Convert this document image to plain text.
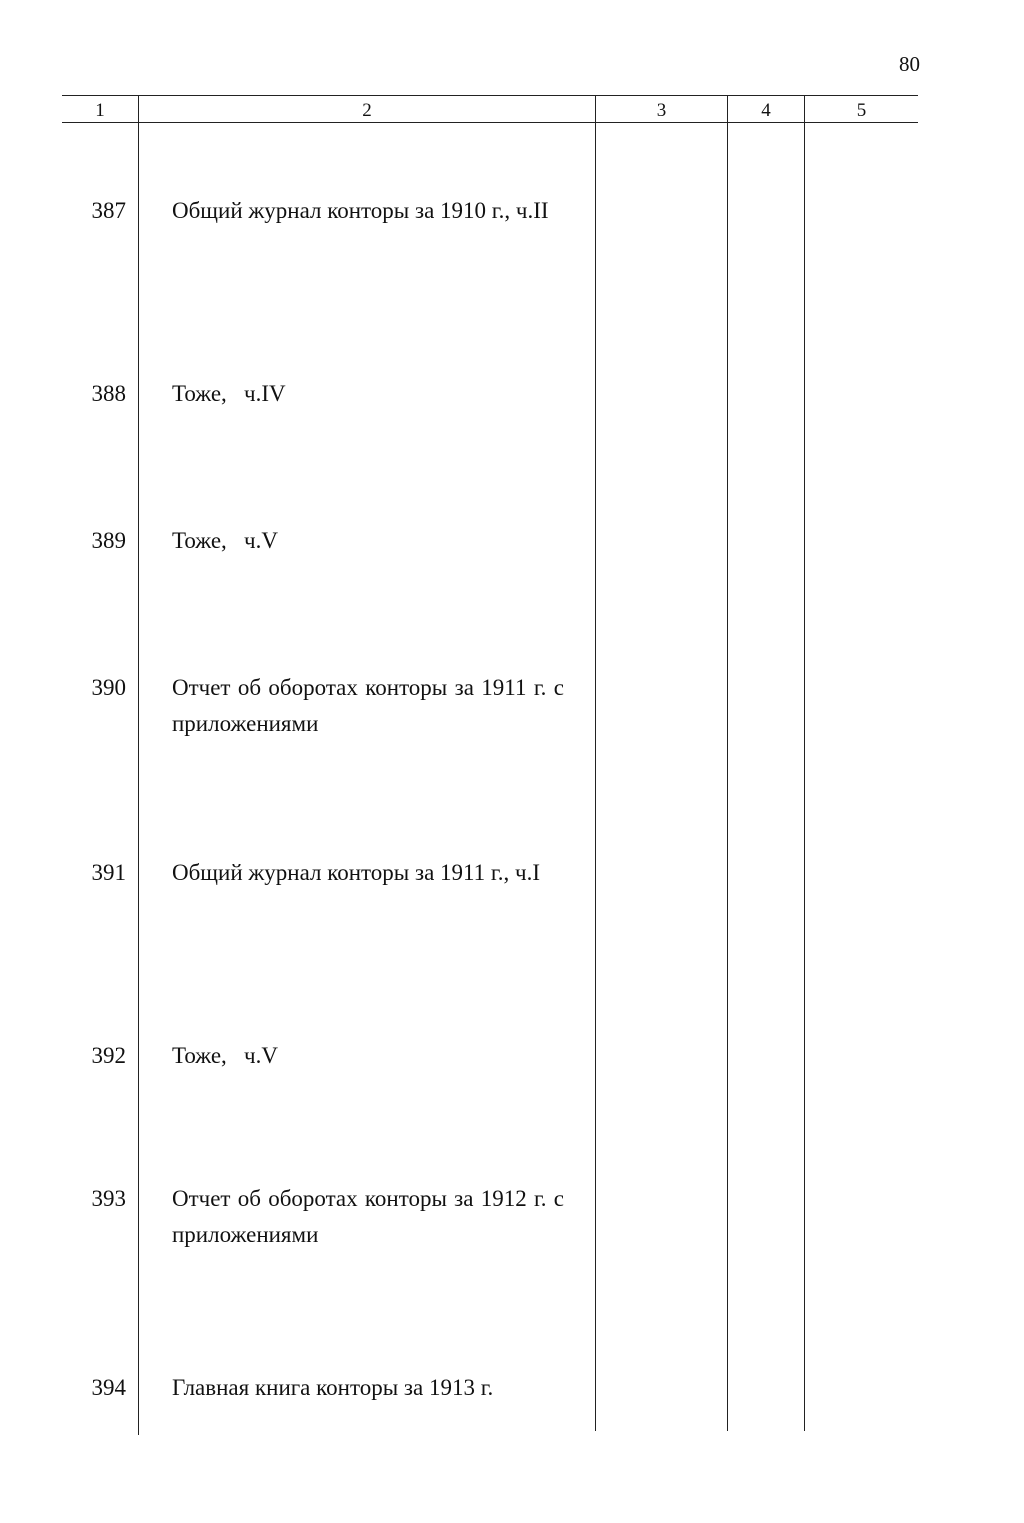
80
1	2	3	4	5
387 Общий журнал конторы за 1910 г., ч.II
388 Тоже,   ч.IV
389 Тоже,   ч.V
390 Отчет об оборотах конторы за 1911 г. с приложениями
391 Общий журнал конторы за 1911 г., ч.I
392 Тоже,   ч.V
393 Отчет об оборотах конторы за 1912 г. с приложениями
394 Главная книга конторы за 1913 г.
